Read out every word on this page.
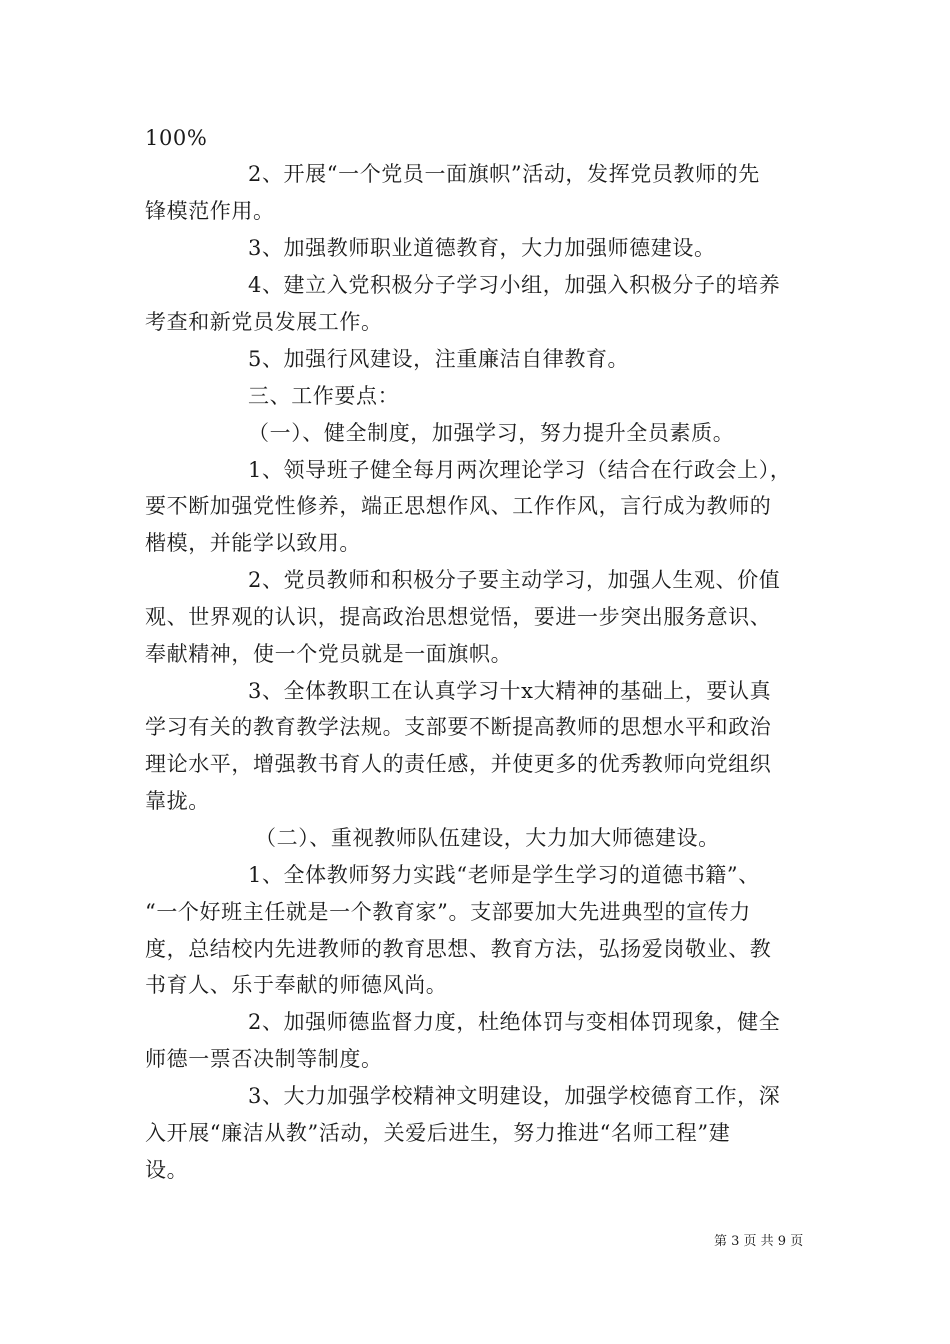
100%
2、开展“一个党员一面旗帜”活动，发挥党员教师的先
锋模范作用。
3、加强教师职业道德教育，大力加强师德建设。
4、建立入党积极分子学习小组，加强入积极分子的培养
考查和新党员发展工作。
5、加强行风建设，注重廉洁自律教育。
三、工作要点：
（一）、健全制度，加强学习，努力提升全员素质。
1、领导班子健全每月两次理论学习（结合在行政会上），
要不断加强党性修养，端正思想作风、工作作风，言行成为教师的
楷模，并能学以致用。
2、党员教师和积极分子要主动学习，加强人生观、价值
观、世界观的认识，提高政治思想觉悟，要进一步突出服务意识、
奉献精神，使一个党员就是一面旗帜。
3、全体教职工在认真学习十x大精神的基础上，要认真
学习有关的教育教学法规。支部要不断提高教师的思想水平和政治
理论水平，增强教书育人的责任感，并使更多的优秀教师向党组织
靠拢。
（二）、重视教师队伍建设，大力加大师德建设。
1、全体教师努力实践“老师是学生学习的道德书籍”、
“一个好班主任就是一个教育家”。支部要加大先进典型的宣传力
度，总结校内先进教师的教育思想、教育方法，弘扬爱岗敬业、教
书育人、乐于奉献的师德风尚。
2、加强师德监督力度，杜绝体罚与变相体罚现象，健全
师德一票否决制等制度。
3、大力加强学校精神文明建设，加强学校德育工作，深
入开展“廉洁从教”活动，关爱后进生，努力推进“名师工程”建
设。
第 3 页 共 9 页
